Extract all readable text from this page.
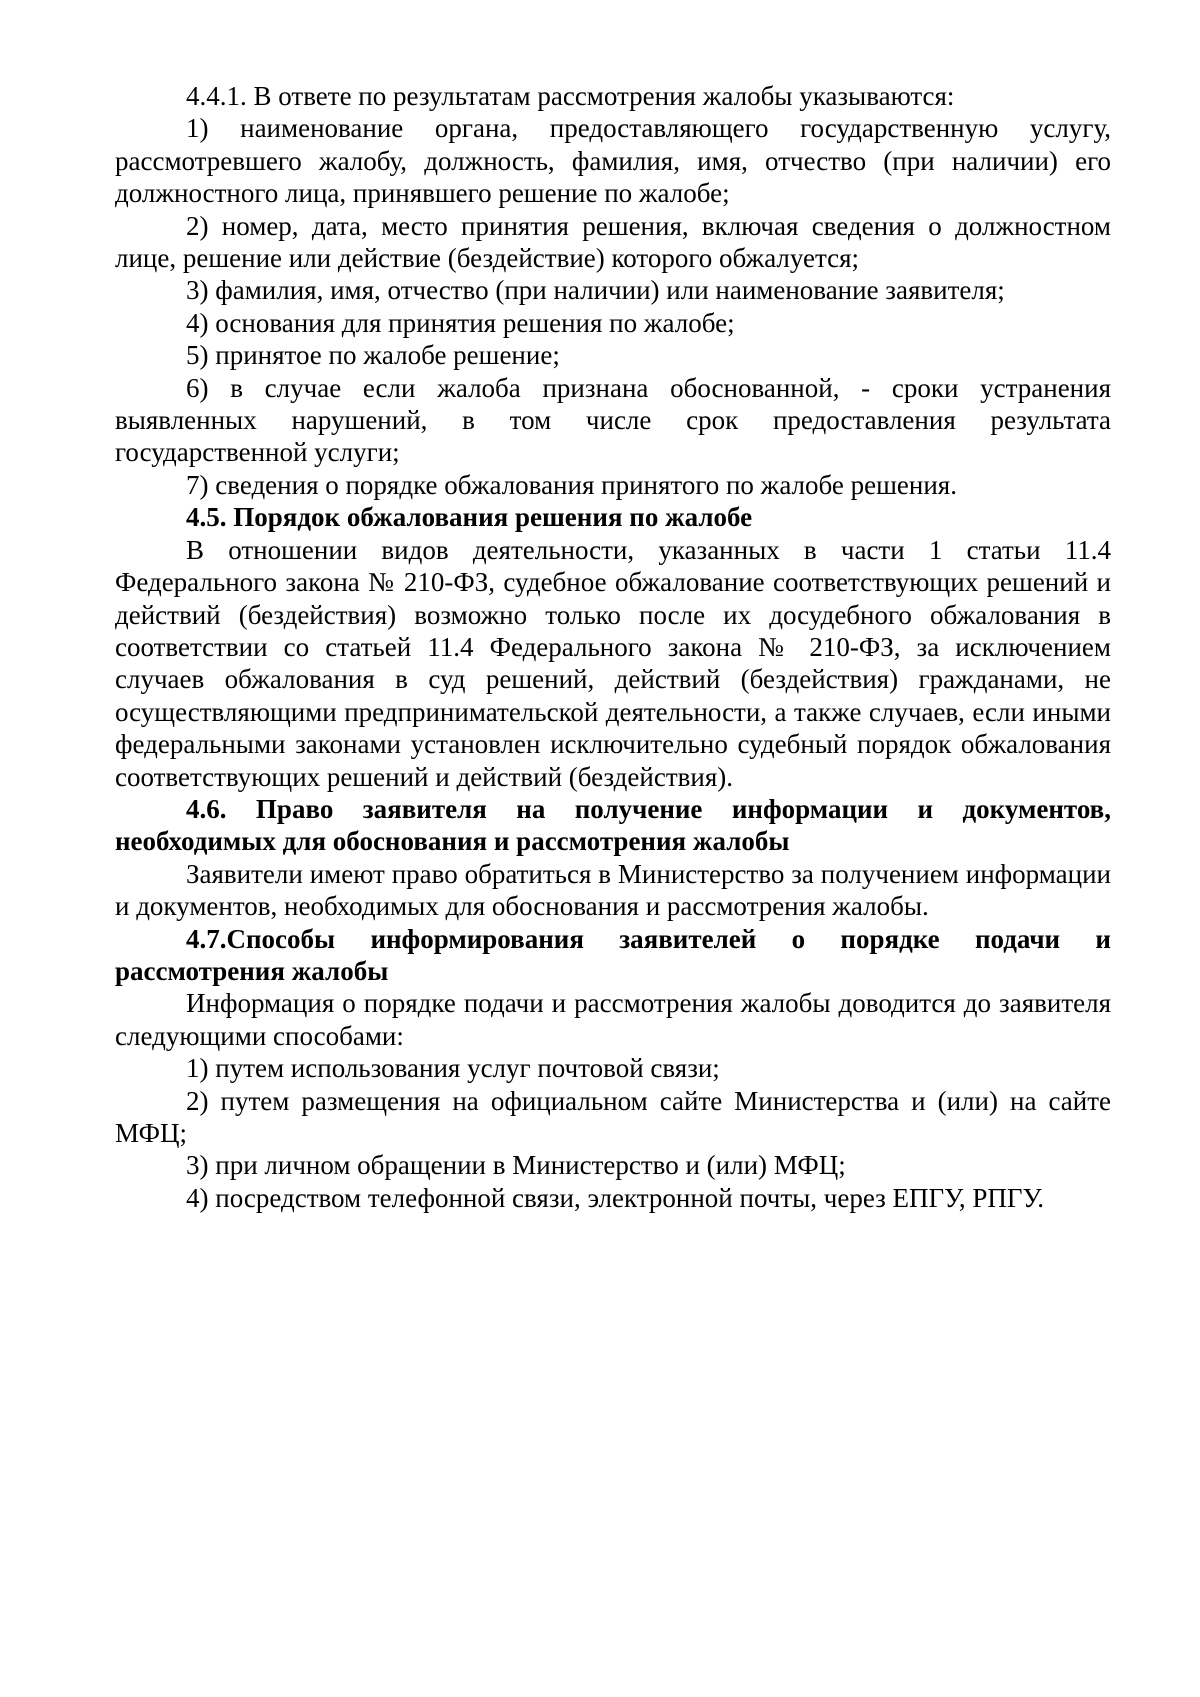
4.4.1. В ответе по результатам рассмотрения жалобы указываются:

1) наименование органа, предоставляющего государственную услугу, рассмотревшего жалобу, должность, фамилия, имя, отчество (при наличии) его должностного лица, принявшего решение по жалобе;

2) номер, дата, место принятия решения, включая сведения о должностном лице, решение или действие (бездействие) которого обжалуется;

3) фамилия, имя, отчество (при наличии) или наименование заявителя;

4) основания для принятия решения по жалобе;

5) принятое по жалобе решение;

6) в случае если жалоба признана обоснованной, - сроки устранения выявленных нарушений, в том числе срок предоставления результата государственной услуги;

7) сведения о порядке обжалования принятого по жалобе решения.

4.5. Порядок обжалования решения по жалобе

В отношении видов деятельности, указанных в части 1 статьи 11.4 Федерального закона № 210-ФЗ, судебное обжалование соответствующих решений и действий (бездействия) возможно только после их досудебного обжалования в соответствии со статьей 11.4 Федерального закона № 210-ФЗ, за исключением случаев обжалования в суд решений, действий (бездействия) гражданами, не осуществляющими предпринимательской деятельности, а также случаев, если иными федеральными законами установлен исключительно судебный порядок обжалования соответствующих решений и действий (бездействия).

4.6. Право заявителя на получение информации и документов, необходимых для обоснования и рассмотрения жалобы

Заявители имеют право обратиться в Министерство за получением информации и документов, необходимых для обоснования и рассмотрения жалобы.

4.7.Способы информирования заявителей о порядке подачи и рассмотрения жалобы

Информация о порядке подачи и рассмотрения жалобы доводится до заявителя следующими способами:

1) путем использования услуг почтовой связи;

2) путем размещения на официальном сайте Министерства и (или) на сайте МФЦ;

3) при личном обращении в Министерство и (или) МФЦ;

4) посредством телефонной связи, электронной почты, через ЕПГУ, РПГУ.
